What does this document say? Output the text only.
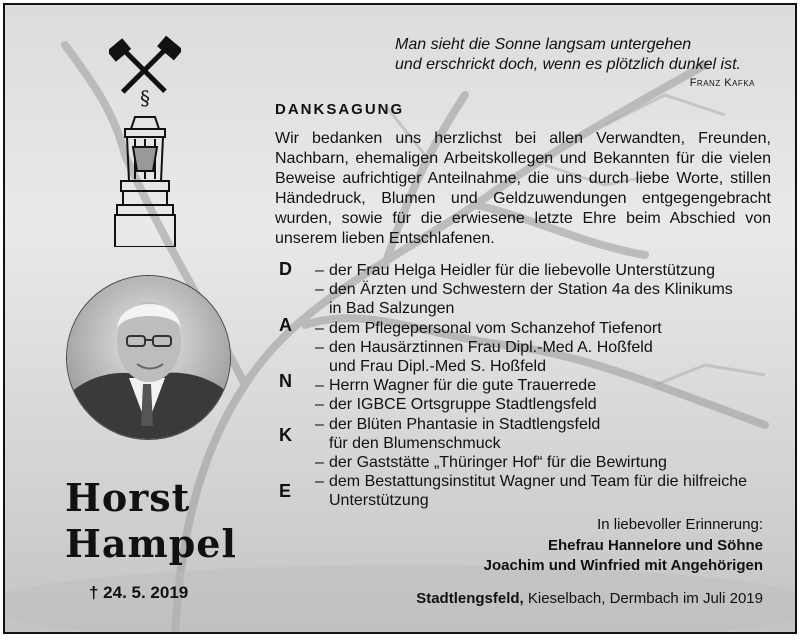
§
Man sieht die Sonne langsam untergehen
und erschrickt doch, wenn es plötzlich dunkel ist.
Franz Kafka
DANKSAGUNG
Wir bedanken uns herzlichst bei allen Verwandten, Freunden, Nachbarn, ehemaligen Arbeitskollegen und Bekannten für die vielen Beweise aufrichtiger Anteilnahme, die uns durch liebe Worte, stillen Händedruck, Blumen und Geldzuwendungen entgegengebracht wurden, sowie für die erwiesene letzte Ehre beim Abschied von unserem lieben Entschlafenen.
D
A
N
K
E
– der Frau Helga Heidler für die liebevolle Unterstützung
– den Ärzten und Schwestern der Station 4a des Klinikums
in Bad Salzungen
– dem Pflegepersonal vom Schanzehof Tiefenort
– den Hausärztinnen Frau Dipl.-Med A. Hoßfeld
und Frau Dipl.-Med S. Hoßfeld
– Herrn Wagner für die gute Trauerrede
– der IGBCE Ortsgruppe Stadtlengsfeld
– der Blüten Phantasie in Stadtlengsfeld
für den Blumenschmuck
– der Gaststätte „Thüringer Hof“ für die Bewirtung
– dem Bestattungsinstitut Wagner und Team für die hilfreiche
Unterstützung
Horst
Hampel
† 24. 5. 2019
In liebevoller Erinnerung:
Ehefrau Hannelore und Söhne
Joachim und Winfried mit Angehörigen
Stadtlengsfeld, Kieselbach, Dermbach im Juli 2019
